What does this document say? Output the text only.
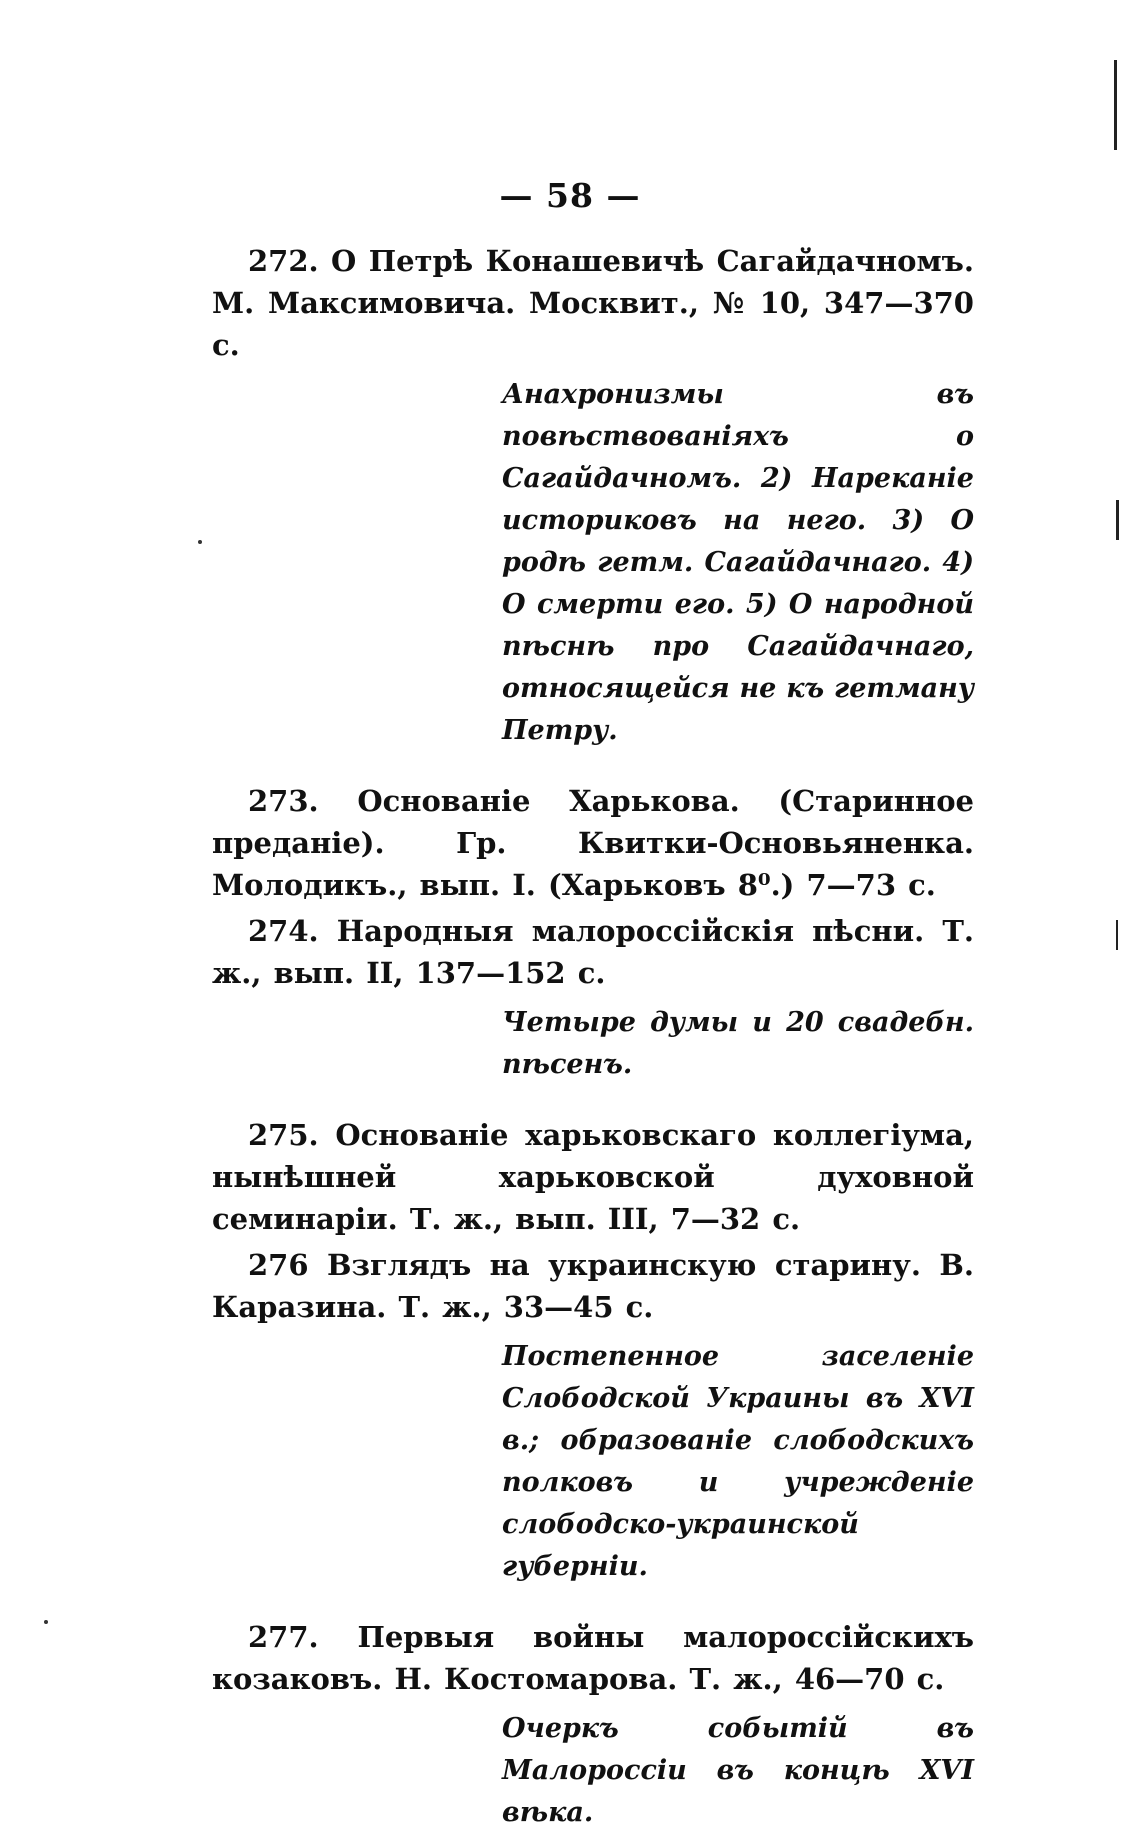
— 58 —
272. О Петрѣ Конашевичѣ Сагайдачномъ. М. Максимовича. Москвит., № 10, 347—370 с.
Анахронизмы въ повѣствованіяхъ о Сагайдачномъ. 2) Нареканіе историковъ на него. 3) О родѣ гетм. Сагайдачнаго. 4) О смерти его. 5) О народной пѣснѣ про Сагайдачнаго, относящейся не къ гетману Петру.
273. Основаніе Харькова. (Старинное преданіе). Гр. Квитки-Основьяненка. Молодикъ., вып. I. (Харьковъ 8⁰.) 7—73 с.
274. Народныя малороссійскія пѣсни. Т. ж., вып. II, 137—152 с.
Четыре думы и 20 свадебн. пѣсенъ.
275. Основаніе харьковскаго коллегіума, нынѣшней харьковской духовной семинаріи. Т. ж., вып. III, 7—32 с.
276 Взглядъ на украинскую старину. В. Каразина. Т. ж., 33—45 с.
Постепенное заселеніе Слободской Украины въ XVI в.; образованіе слободскихъ полковъ и учрежденіе слободско-украинской губерніи.
277. Первыя войны малороссійскихъ козаковъ. Н. Костомарова. Т. ж., 46—70 с.
Очеркъ событій въ Малороссіи въ концѣ XVI вѣка.
